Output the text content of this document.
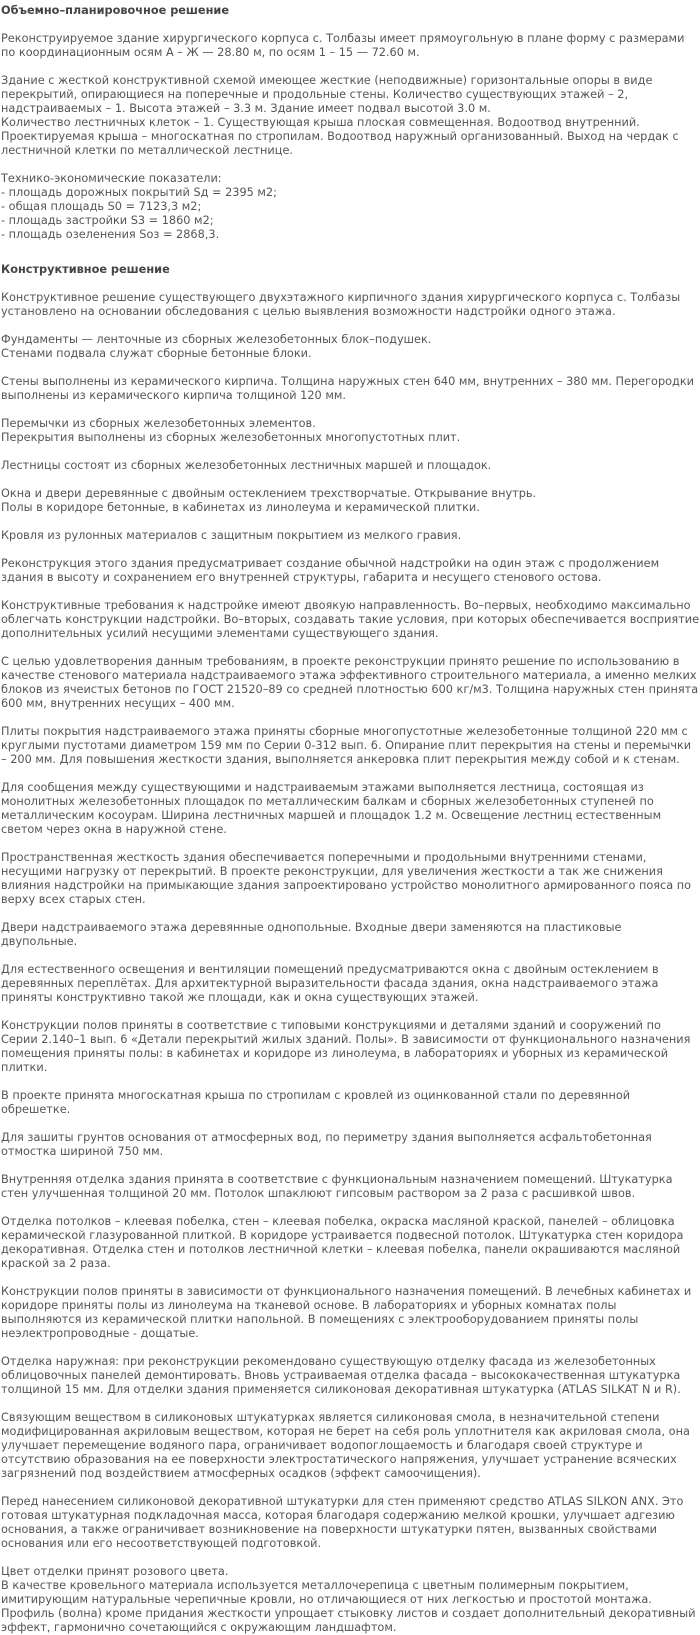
Объемно–планировочное решение
Реконструируемое здание хирургического корпуса с. Толбазы имеет прямоугольную в плане форму с размерами по координационным осям А – Ж — 28.80 м, по осям 1 – 15 — 72.60 м.
Здание с жесткой конструктивной схемой имеющее жесткие (неподвижные) горизонтальные опоры в виде перекрытий, опирающиеся на поперечные и продольные стены. Количество существующих этажей – 2, надстраиваемых – 1. Высота этажей – 3.3 м. Здание имеет подвал высотой 3.0 м.
Количество лестничных клеток – 1. Существующая крыша плоская совмещенная. Водоотвод внутренний. Проектируемая крыша – многоскатная по стропилам. Водоотвод наружный организованный. Выход на чердак с лестничной клетки по металлической лестнице.
Технико-экономические показатели:
- площадь дорожных покрытий Sд = 2395 м2;
- общая площадь S0 = 7123,3 м2;
- площадь застройки S3 = 1860 м2;
- площадь озеленения Sоз = 2868,3.
Конструктивное решение
Конструктивное решение существующего двухэтажного кирпичного здания хирургического корпуса с. Толбазы установлено на основании обследования с целью выявления возможности надстройки одного этажа.
Фундаменты — ленточные из сборных железобетонных блок–подушек.
Стенами подвала служат сборные бетонные блоки.
Стены выполнены из керамического кирпича. Толщина наружных стен 640 мм, внутренних – 380 мм. Перегородки выполнены из керамического кирпича толщиной 120 мм.
Перемычки из сборных железобетонных элементов.
Перекрытия выполнены из сборных железобетонных многопустотных плит.
Лестницы состоят из сборных железобетонных лестничных маршей и площадок.
Окна и двери деревянные с двойным остеклением трехстворчатые. Открывание внутрь.
Полы в коридоре бетонные, в кабинетах из линолеума и керамической плитки.
Кровля из рулонных материалов с защитным покрытием из мелкого гравия.
Реконструкция этого здания предусматривает создание обычной надстройки на один этаж с продолжением здания в высоту и сохранением его внутренней структуры, габарита и несущего стенового остова.
Конструктивные требования к надстройке имеют двоякую направленность. Во–первых, необходимо максимально облегчать конструкции надстройки. Во–вторых, создавать такие условия, при которых обеспечивается восприятие дополнительных усилий несущими элементами существующего здания.
С целью удовлетворения данным требованиям, в проекте реконструкции принято решение по использованию в качестве стенового материала надстраиваемого этажа эффективного строительного материала, а именно мелких блоков из ячеистых бетонов по ГОСТ 21520–89 со средней плотностью 600 кг/м3. Толщина наружных стен принята 600 мм, внутренних несущих – 400 мм.
Плиты покрытия надстраиваемого этажа приняты сборные многопустотные железобетонные толщиной 220 мм с круглыми пустотами диаметром 159 мм по Серии 0-312 вып. 6. Опирание плит перекрытия на стены и перемычки – 200 мм. Для повышения жесткости здания, выполняется анкеровка плит перекрытия между собой и к стенам.
Для сообщения между существующими и надстраиваемым этажами выполняется лестница, состоящая из монолитных железобетонных площадок по металлическим балкам и сборных железобетонных ступеней по металлическим косоурам. Ширина лестничных маршей и площадок 1.2 м. Освещение лестниц естественным светом через окна в наружной стене.
Пространственная жесткость здания обеспечивается поперечными и продольными внутренними стенами, несущими нагрузку от перекрытий. В проекте реконструкции, для увеличения жесткости а так же снижения влияния надстройки на примыкающие здания запроектировано устройство монолитного армированного пояса по верху всех старых стен.
Двери надстраиваемого этажа деревянные однопольные. Входные двери заменяются на пластиковые двупольные.
Для естественного освещения и вентиляции помещений предусматриваются окна с двойным остеклением в деревянных переплётах. Для архитектурной выразительности фасада здания, окна надстраиваемого этажа приняты конструктивно такой же площади, как и окна существующих этажей.
Конструкции полов приняты в соответствие с типовыми конструкциями и деталями зданий и сооружений по Серии 2.140–1 вып. 6 «Детали перекрытий жилых зданий. Полы». В зависимости от функционального назначения помещения приняты полы: в кабинетах и коридоре из линолеума, в лабораториях и уборных из керамической плитки.
В проекте принята многоскатная крыша по стропилам с кровлей из оцинкованной стали по деревянной обрешетке.
Для зашиты грунтов основания от атмосферных вод, по периметру здания выполняется асфальтобетонная отмостка шириной 750 мм.
Внутренняя отделка здания принята в соответствие с функциональным назначением помещений. Штукатурка стен улучшенная толщиной 20 мм. Потолок шпаклюют гипсовым раствором за 2 раза с расшивкой швов.
Отделка потолков – клеевая побелка, стен – клеевая побелка, окраска масляной краской, панелей – облицовка керамической глазурованной плиткой. В коридоре устраивается подвесной потолок. Штукатурка стен коридора декоративная. Отделка стен и потолков лестничной клетки – клеевая побелка, панели окрашиваются масляной краской за 2 раза.
Конструкции полов приняты в зависимости от функционального назначения помещений. В лечебных кабинетах и коридоре приняты полы из линолеума на тканевой основе. В лабораториях и уборных комнатах полы выполняются из керамической плитки напольной. В помещениях с электрооборудованием приняты полы неэлектропроводные - дощатые.
Отделка наружная: при реконструкции рекомендовано существующую отделку фасада из железобетонных облицовочных панелей демонтировать. Вновь устраиваемая отделка фасада – высококачественная штукатурка толщиной 15 мм. Для отделки здания применяется силиконовая декоративная штукатурка (ATLAS SILKAT N и R).
Связующим веществом в силиконовых штукатурках является силиконовая смола, в незначительной степени модифицированная акриловым веществом, которая не берет на себя роль уплотнителя как акриловая смола, она улучшает перемещение водяного пара, ограничивает водопоглощаемость и благодаря своей структуре и отсутствию образования на ее поверхности электростатического напряжения, улучшает устранение всяческих загрязнений под воздействием атмосферных осадков (эффект самоочищения).
Перед нанесением силиконовой декоративной штукатурки для стен применяют средство ATLAS SILKON ANX. Это готовая штукатурная подкладочная масса, которая благодаря содержанию мелкой крошки, улучшает адгезию основания, а также ограничивает возникновение на поверхности штукатурки пятен, вызванных свойствами основания или его несоответствующей подготовкой.
Цвет отделки принят розового цвета.
В качестве кровельного материала используется металлочерепица с цветным полимерным покрытием, имитирующим натуральные черепичные кровли, но отличающиеся от них легкостью и простотой монтажа. Профиль (волна) кроме придания жесткости упрощает стыковку листов и создает дополнительный декоративный эффект, гармонично сочетающийся с окружающим ландшафтом.
